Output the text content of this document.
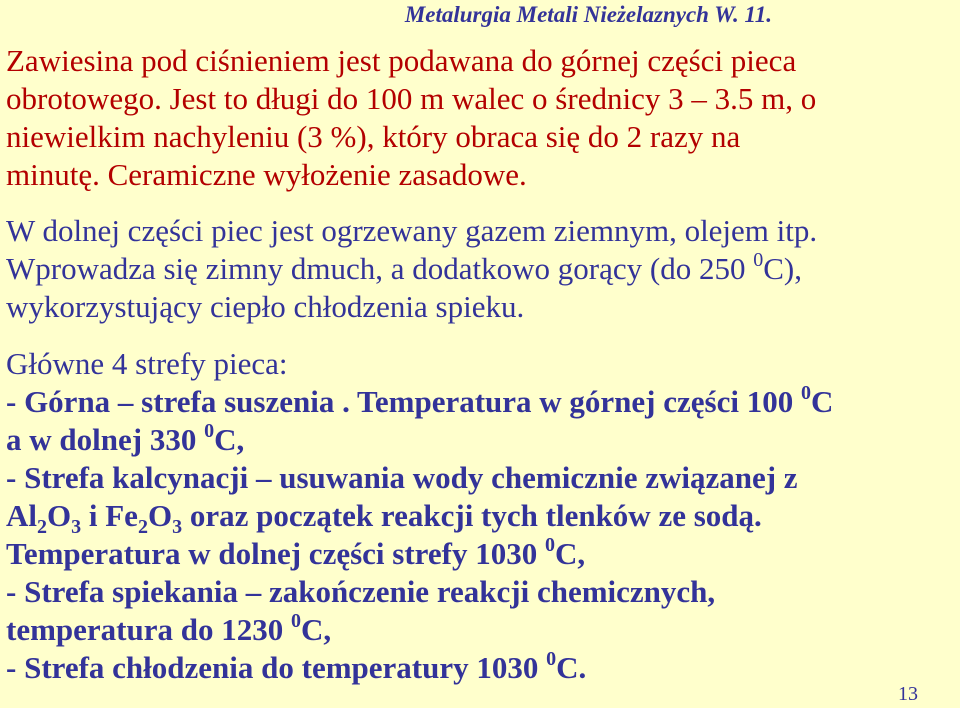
Metalurgia Metali Nieżelaznych W. 11.

Zawiesina pod ciśnieniem jest podawana do górnej części pieca
obrotowego. Jest to długi do 100 m walec o średnicy 3 – 3.5 m, o
niewielkim nachyleniu (3 %), który obraca się do 2 razy na
minutę. Ceramiczne wyłożenie zasadowe.

W dolnej części piec jest ogrzewany gazem ziemnym, olejem itp.
Wprowadza się zimny dmuch, a dodatkowo gorący (do 250 $^0$C),
wykorzystujący ciepło chłodzenia spieku.

Główne 4 strefy pieca:
- Górna – strefa suszenia . Temperatura w górnej części 100 $^0$C
a w dolnej 330 $^0$C,
- Strefa kalcynacji – usuwania wody chemicznie związanej z
$Al_2O_3$ i $Fe_2O_3$ oraz początek reakcji tych tlenków ze sodą.
Temperatura w dolnej części strefy 1030 $^0$C,
- Strefa spiekania – zakończenie reakcji chemicznych,
temperatura do 1230 $^0$C,
- Strefa chłodzenia do temperatury 1030 $^0$C.

13
